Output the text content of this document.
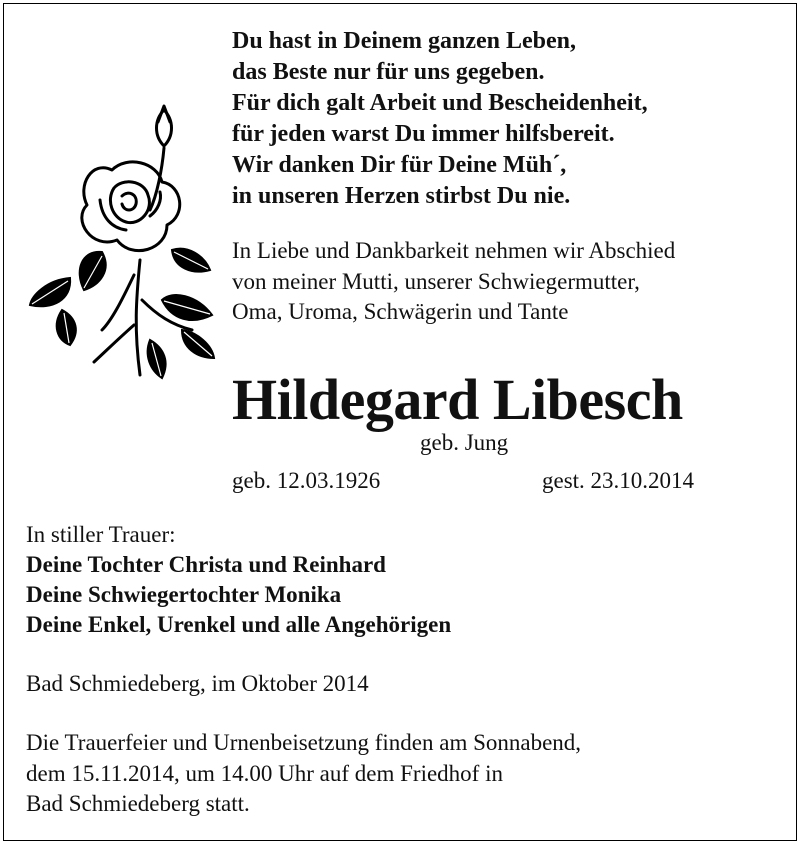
Du hast in Deinem ganzen Leben,
das Beste nur für uns gegeben.
Für dich galt Arbeit und Bescheidenheit,
für jeden warst Du immer hilfsbereit.
Wir danken Dir für Deine Müh´,
in unseren Herzen stirbst Du nie.
In Liebe und Dankbarkeit nehmen wir Abschied
von meiner Mutti, unserer Schwiegermutter,
Oma, Uroma, Schwägerin und Tante
Hildegard Libesch
geb. Jung
geb. 12.03.1926	gest. 23.10.2014
In stiller Trauer:
Deine Tochter Christa und Reinhard
Deine Schwiegertochter Monika
Deine Enkel, Urenkel und alle Angehörigen
Bad Schmiedeberg, im Oktober 2014
Die Trauerfeier und Urnenbeisetzung finden am Sonnabend,
dem 15.11.2014, um 14.00 Uhr auf dem Friedhof in
Bad Schmiedeberg statt.
